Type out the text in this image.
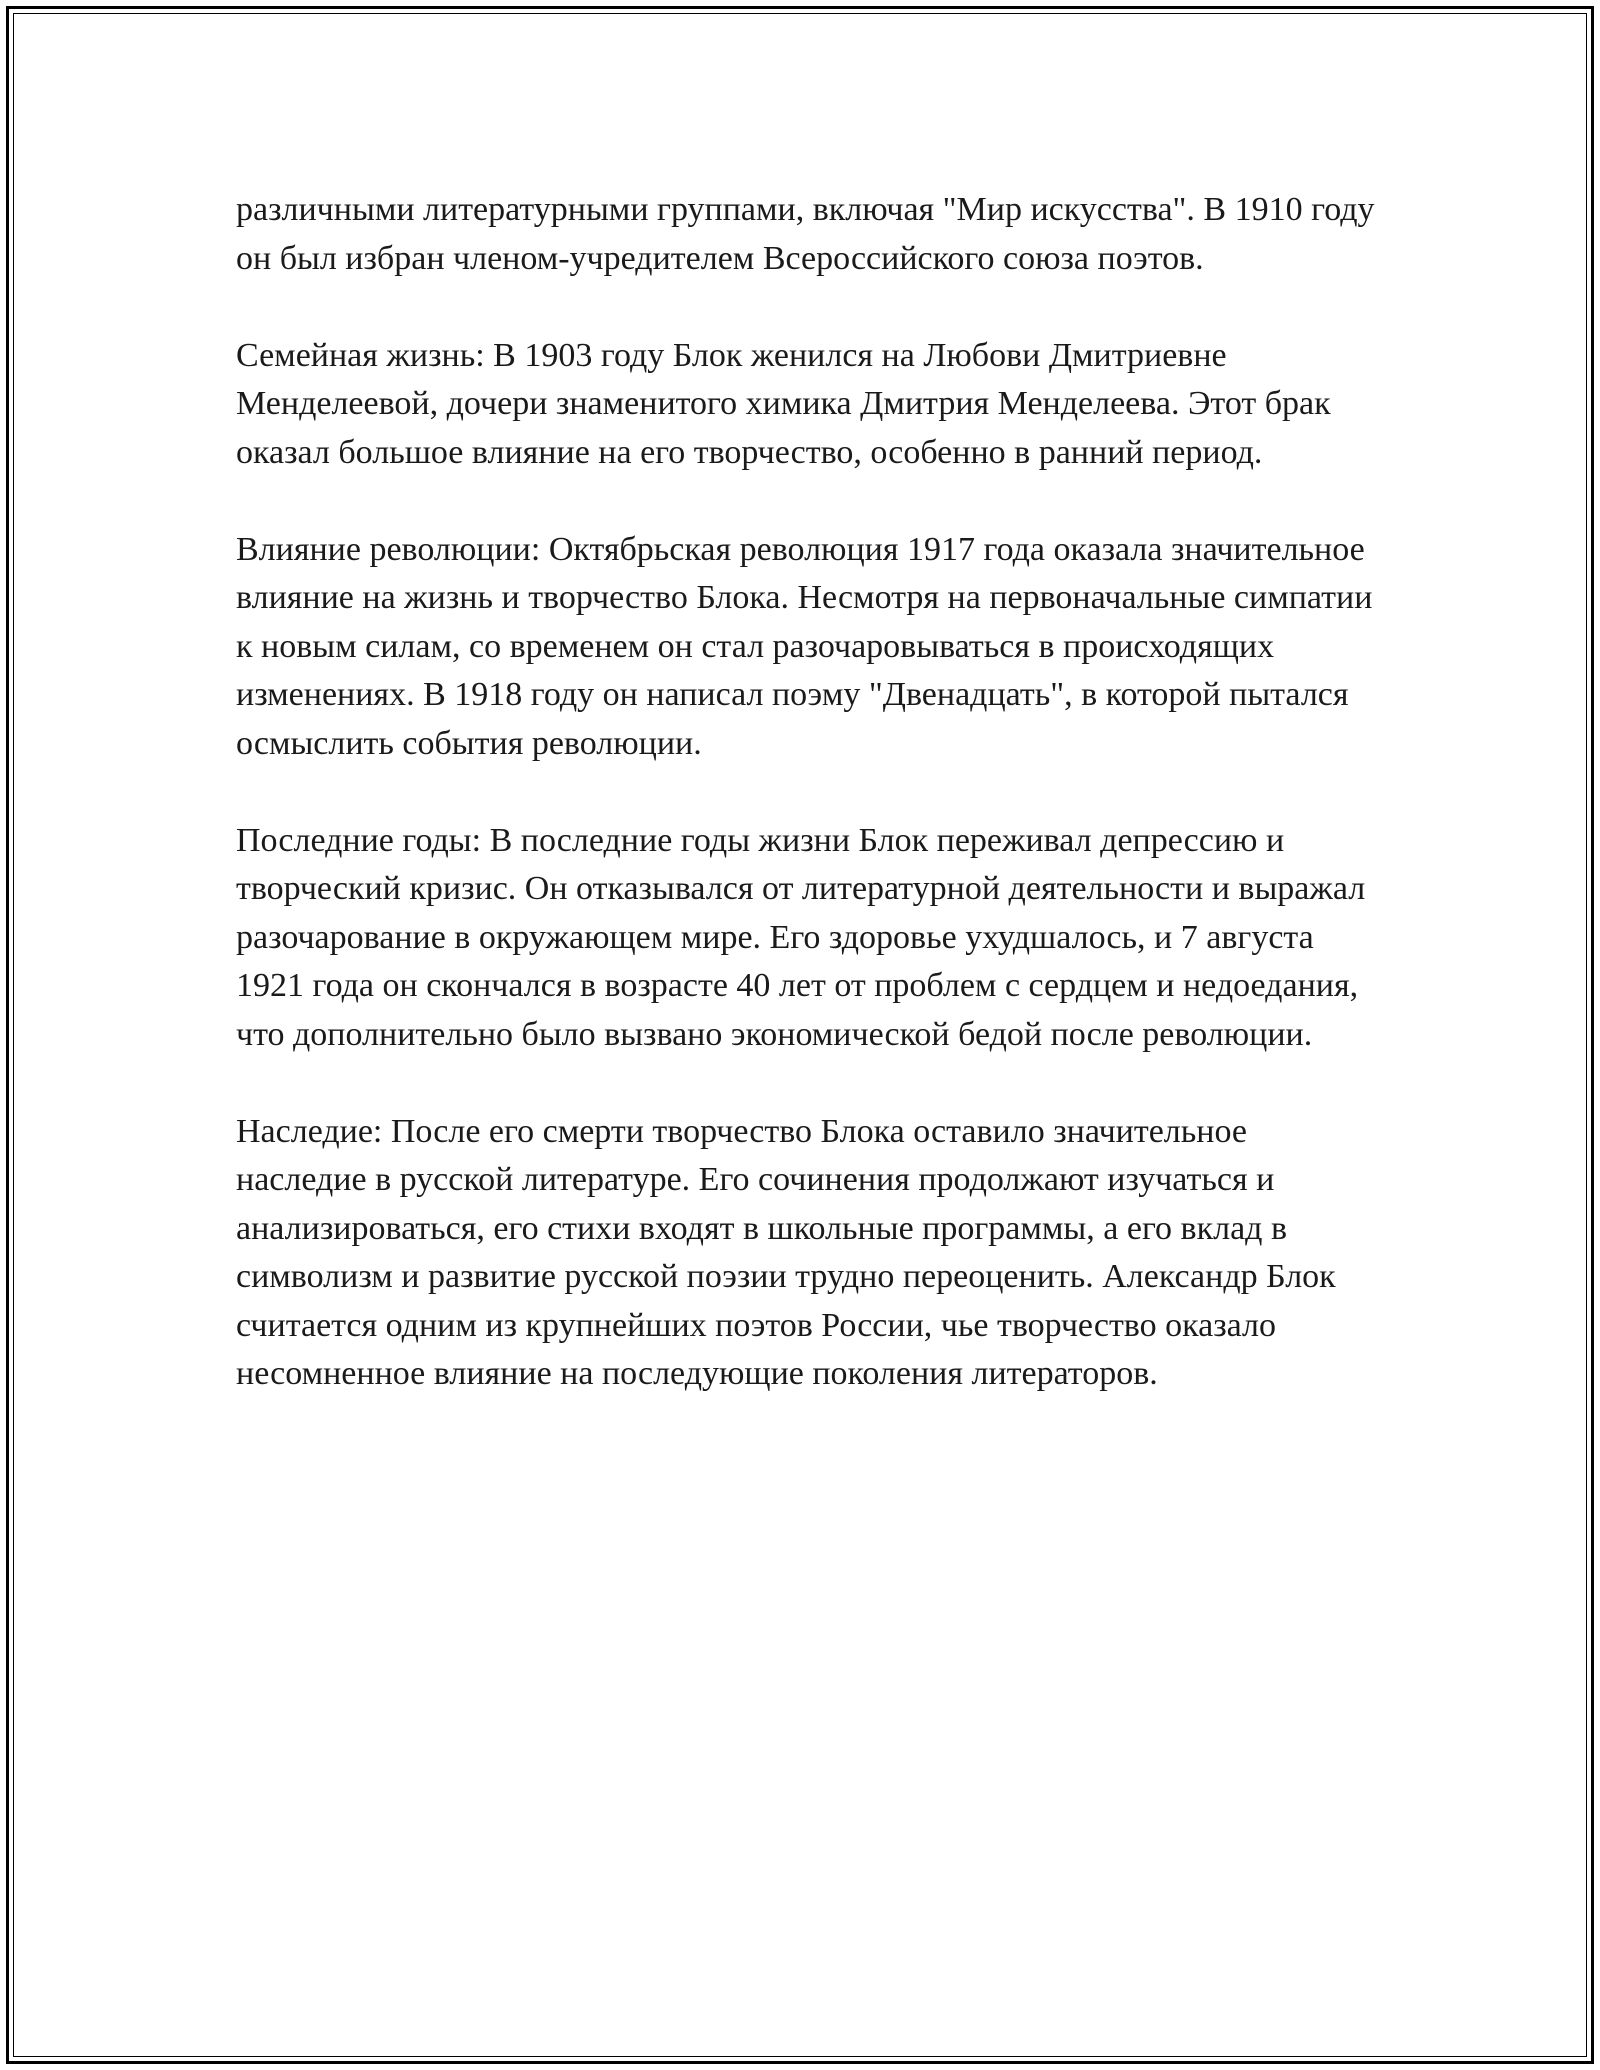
различными литературными группами, включая "Мир искусства". В 1910 году он был избран членом-учредителем Всероссийского союза поэтов.

Семейная жизнь: В 1903 году Блок женился на Любови Дмитриевне Менделеевой, дочери знаменитого химика Дмитрия Менделеева. Этот брак оказал большое влияние на его творчество, особенно в ранний период.

Влияние революции: Октябрьская революция 1917 года оказала значительное влияние на жизнь и творчество Блока. Несмотря на первоначальные симпатии к новым силам, со временем он стал разочаровываться в происходящих изменениях. В 1918 году он написал поэму "Двенадцать", в которой пытался осмыслить события революции.

Последние годы: В последние годы жизни Блок переживал депрессию и творческий кризис. Он отказывался от литературной деятельности и выражал разочарование в окружающем мире. Его здоровье ухудшалось, и 7 августа 1921 года он скончался в возрасте 40 лет от проблем с сердцем и недоедания, что дополнительно было вызвано экономической бедой после революции.

Наследие: После его смерти творчество Блока оставило значительное наследие в русской литературе. Его сочинения продолжают изучаться и анализироваться, его стихи входят в школьные программы, а его вклад в символизм и развитие русской поэзии трудно переоценить. Александр Блок считается одним из крупнейших поэтов России, чье творчество оказало несомненное влияние на последующие поколения литераторов.
